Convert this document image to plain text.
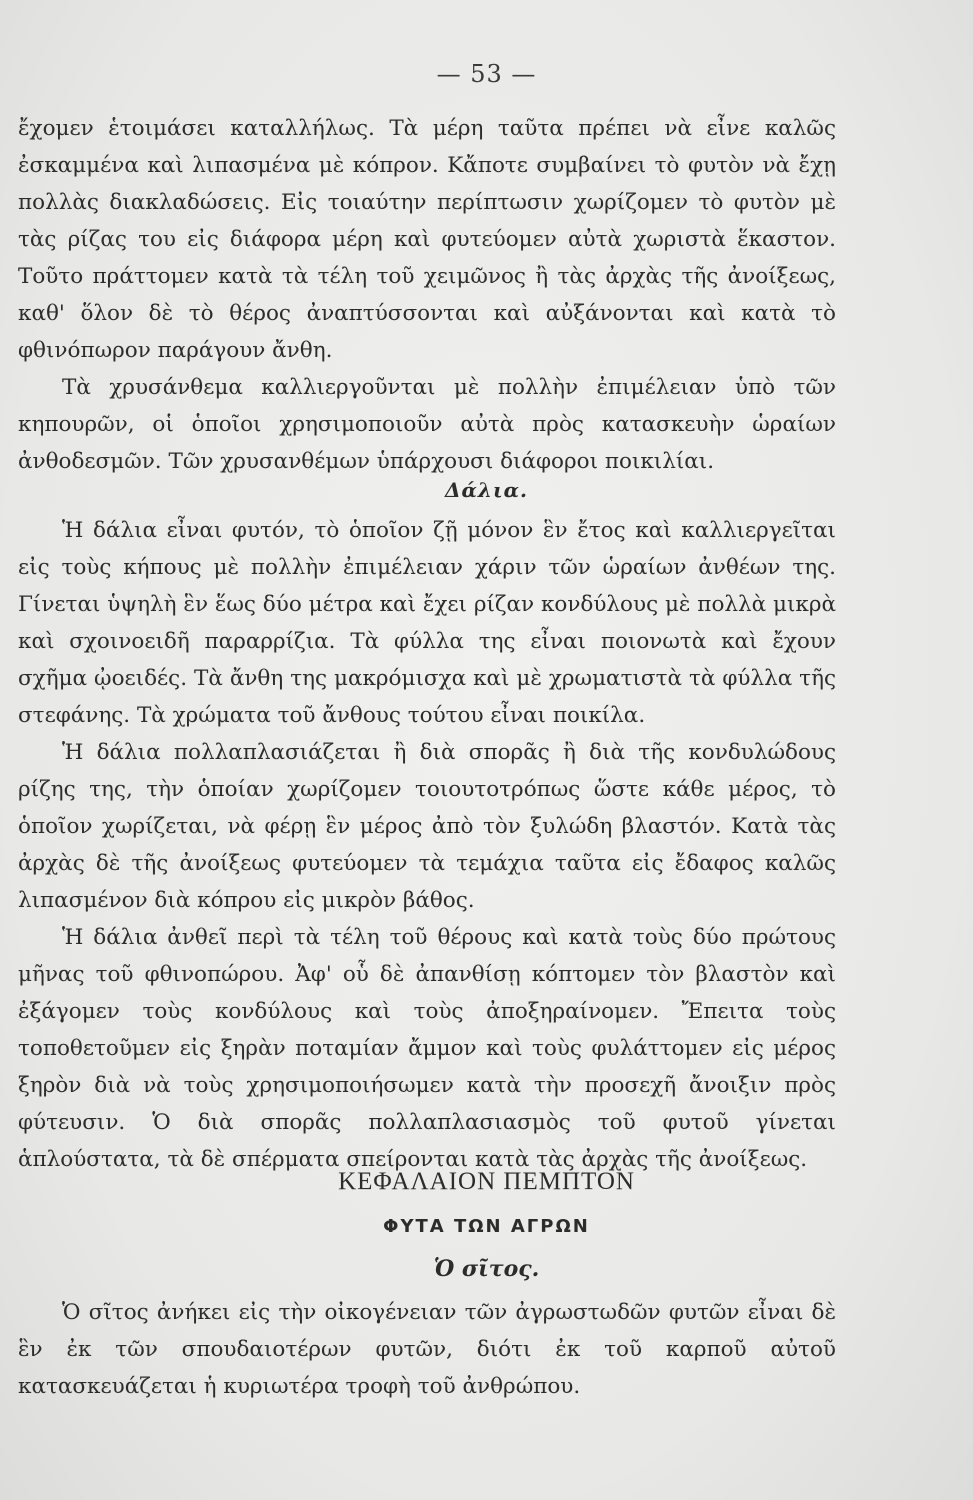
— 53 —

ἔχομεν ἑτοιμάσει καταλλήλως. Τὰ μέρη ταῦτα πρέπει νὰ εἶνε καλῶς ἐσκαμμένα καὶ λιπασμένα μὲ κόπρον. Κἄποτε συμβαίνει τὸ φυτὸν νὰ ἔχῃ πολλὰς διακλαδώσεις. Εἰς τοιαύτην περίπτωσιν χωρίζομεν τὸ φυτὸν μὲ τὰς ρίζας του εἰς διάφορα μέρη καὶ φυτεύομεν αὐτὰ χωριστὰ ἕκαστον. Τοῦτο πράττομεν κατὰ τὰ τέλη τοῦ χειμῶνος ἢ τὰς ἀρχὰς τῆς ἀνοίξεως, καθ' ὅλον δὲ τὸ θέρος ἀναπτύσσονται καὶ αὐξάνονται καὶ κατὰ τὸ φθινόπωρον παράγουν ἄνθη.

Τὰ χρυσάνθεμα καλλιεργοῦνται μὲ πολλὴν ἐπιμέλειαν ὑπὸ τῶν κηπουρῶν, οἱ ὁποῖοι χρησιμοποιοῦν αὐτὰ πρὸς κατασκευὴν ὡραίων ἀνθοδεσμῶν. Τῶν χρυσανθέμων ὑπάρχουσι διάφοροι ποικιλίαι.

Δάλια.

Ἡ δάλια εἶναι φυτόν, τὸ ὁποῖον ζῇ μόνον ἓν ἔτος καὶ καλλιεργεῖται εἰς τοὺς κήπους μὲ πολλὴν ἐπιμέλειαν χάριν τῶν ὡραίων ἀνθέων της. Γίνεται ὑψηλὴ ἓν ἕως δύο μέτρα καὶ ἔχει ρίζαν κονδύλους μὲ πολλὰ μικρὰ καὶ σχοινοειδῆ παραρρίζια. Τὰ φύλλα της εἶναι ποιονωτὰ καὶ ἔχουν σχῆμα ᾠοειδές. Τὰ ἄνθη της μακρόμισχα καὶ μὲ χρωματιστὰ τὰ φύλλα τῆς στεφάνης. Τὰ χρώματα τοῦ ἄνθους τούτου εἶναι ποικίλα.

Ἡ δάλια πολλαπλασιάζεται ἢ διὰ σπορᾶς ἢ διὰ τῆς κονδυλώδους ρίζης της, τὴν ὁποίαν χωρίζομεν τοιουτοτρόπως ὥστε κάθε μέρος, τὸ ὁποῖον χωρίζεται, νὰ φέρῃ ἓν μέρος ἀπὸ τὸν ξυλώδη βλαστόν. Κατὰ τὰς ἀρχὰς δὲ τῆς ἀνοίξεως φυτεύομεν τὰ τεμάχια ταῦτα εἰς ἔδαφος καλῶς λιπασμένον διὰ κόπρου εἰς μικρὸν βάθος.

Ἡ δάλια ἀνθεῖ περὶ τὰ τέλη τοῦ θέρους καὶ κατὰ τοὺς δύο πρώτους μῆνας τοῦ φθινοπώρου. Ἀφ' οὗ δὲ ἀπανθίσῃ κόπτομεν τὸν βλαστὸν καὶ ἐξάγομεν τοὺς κονδύλους καὶ τοὺς ἀποξηραίνομεν. Ἔπειτα τοὺς τοποθετοῦμεν εἰς ξηρὰν ποταμίαν ἄμμον καὶ τοὺς φυλάττομεν εἰς μέρος ξηρὸν διὰ νὰ τοὺς χρησιμοποιήσωμεν κατὰ τὴν προσεχῆ ἄνοιξιν πρὸς φύτευσιν. Ὁ διὰ σπορᾶς πολλαπλασιασμὸς τοῦ φυτοῦ γίνεται ἁπλούστατα, τὰ δὲ σπέρματα σπείρονται κατὰ τὰς ἀρχὰς τῆς ἀνοίξεως.

ΚΕΦΑΛΑΙΟΝ ΠΕΜΠΤΟΝ
ΦΥΤΑ ΤΩΝ ΑΓΡΩΝ
Ὁ σῖτος.

Ὁ σῖτος ἀνήκει εἰς τὴν οἰκογένειαν τῶν ἀγρωστωδῶν φυτῶν εἶναι δὲ ἓν ἐκ τῶν σπουδαιοτέρων φυτῶν, διότι ἐκ τοῦ καρποῦ αὐτοῦ κατασκευάζεται ἡ κυριωτέρα τροφὴ τοῦ ἀνθρώπου.
